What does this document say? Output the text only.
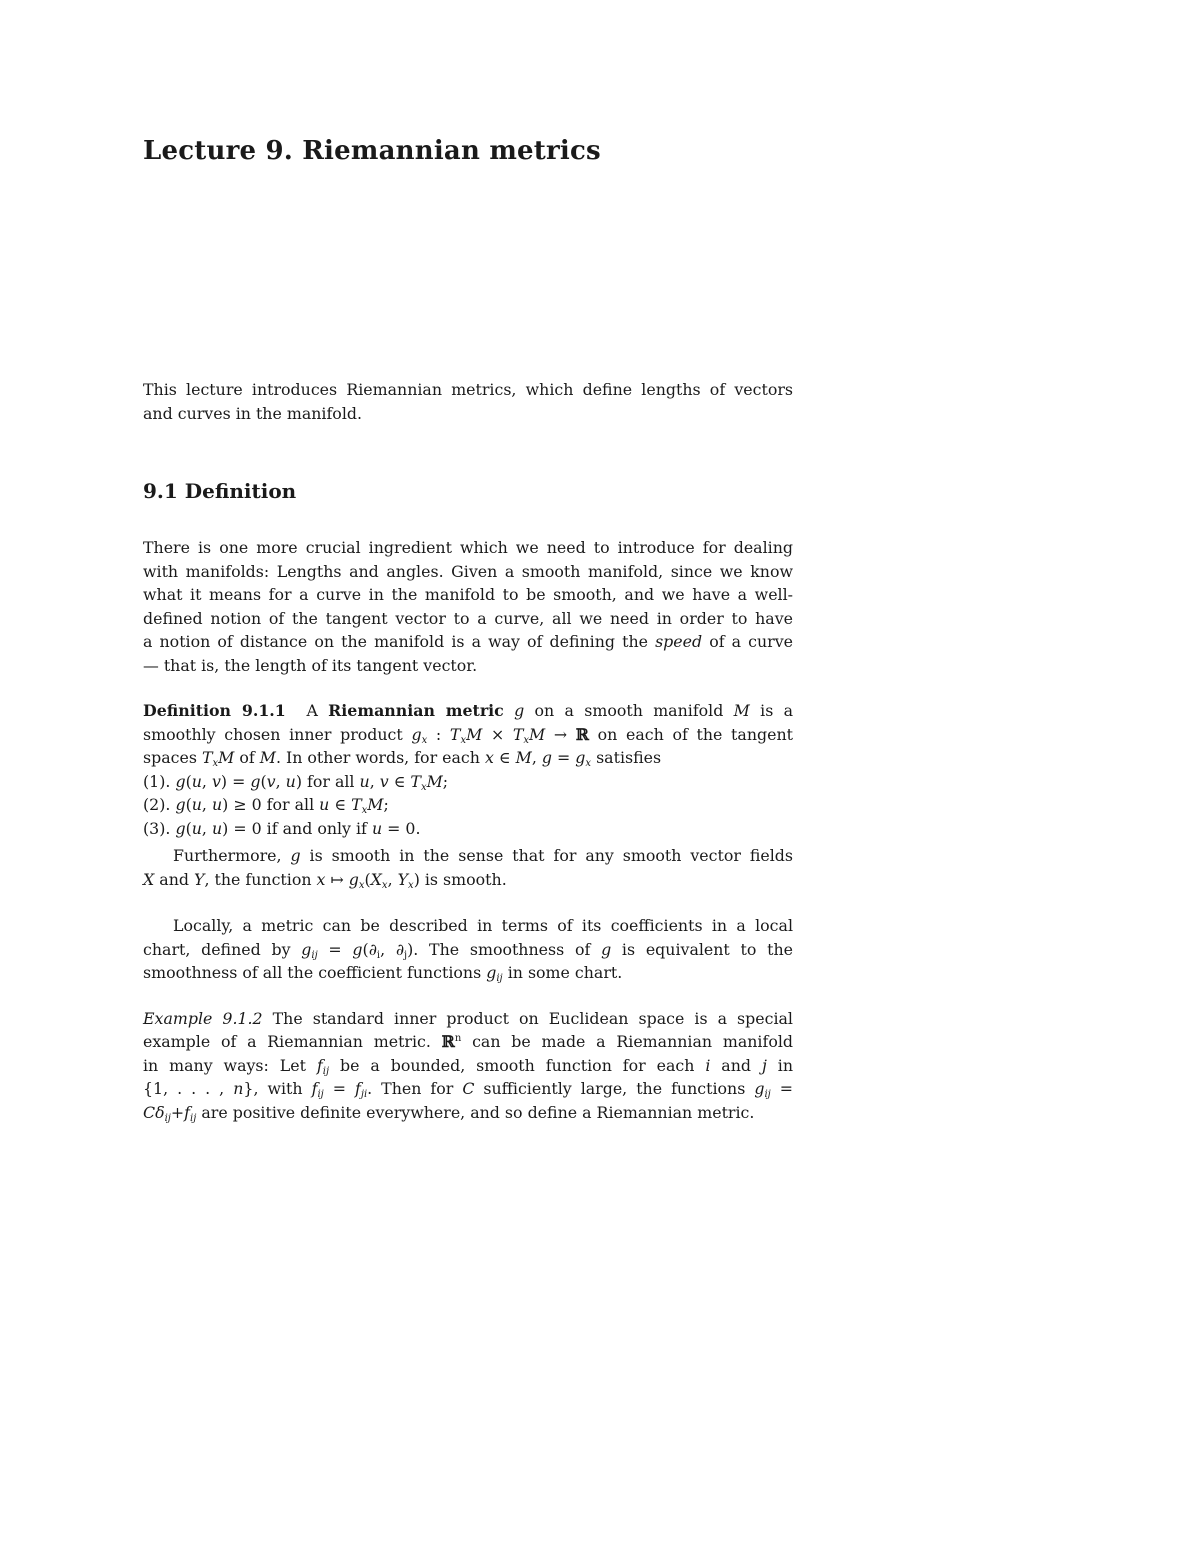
Lecture 9. Riemannian metrics

This lecture introduces Riemannian metrics, which define lengths of vectors
and curves in the manifold.

9.1 Definition

There is one more crucial ingredient which we need to introduce for dealing
with manifolds: Lengths and angles. Given a smooth manifold, since we know
what it means for a curve in the manifold to be smooth, and we have a well-
defined notion of the tangent vector to a curve, all we need in order to have
a notion of distance on the manifold is a way of defining the speed of a curve
— that is, the length of its tangent vector.

Definition 9.1.1 A Riemannian metric g on a smooth manifold M is a
smoothly chosen inner product $g_x$ : $T_xM \times T_xM$ → ℝ on each of the tangent
spaces $T_xM$ of M. In other words, for each x ∈ M, $g = g_x$ satisfies
(1). g(u, v) = g(v, u) for all u, v ∈ $T_xM$;
(2). g(u, u) ≥ 0 for all u ∈ $T_xM$;
(3). g(u, u) = 0 if and only if u = 0.

Furthermore, g is smooth in the sense that for any smooth vector fields
X and Y, the function x ↦ $g_x(X_x$, $Y_x$) is smooth.

Locally, a metric can be described in terms of its coefficients in a local
chart, defined by $g_{ij} = g(\partial_i$, $\partial_j$). The smoothness of g is equivalent to the
smoothness of all the coefficient functions $g_{ij}$ in some chart.

Example 9.1.2 The standard inner product on Euclidean space is a special
example of a Riemannian metric. ℝ$^n$ can be made a Riemannian manifold
in many ways: Let $f_{ij}$ be a bounded, smooth function for each i and j in
{1, . . . , n}, with $f_{ij} = f_{ji}$. Then for C sufficiently large, the functions $g_{ij}$ =
$C\delta_{ij}+f_{ij}$ are positive definite everywhere, and so define a Riemannian metric.
